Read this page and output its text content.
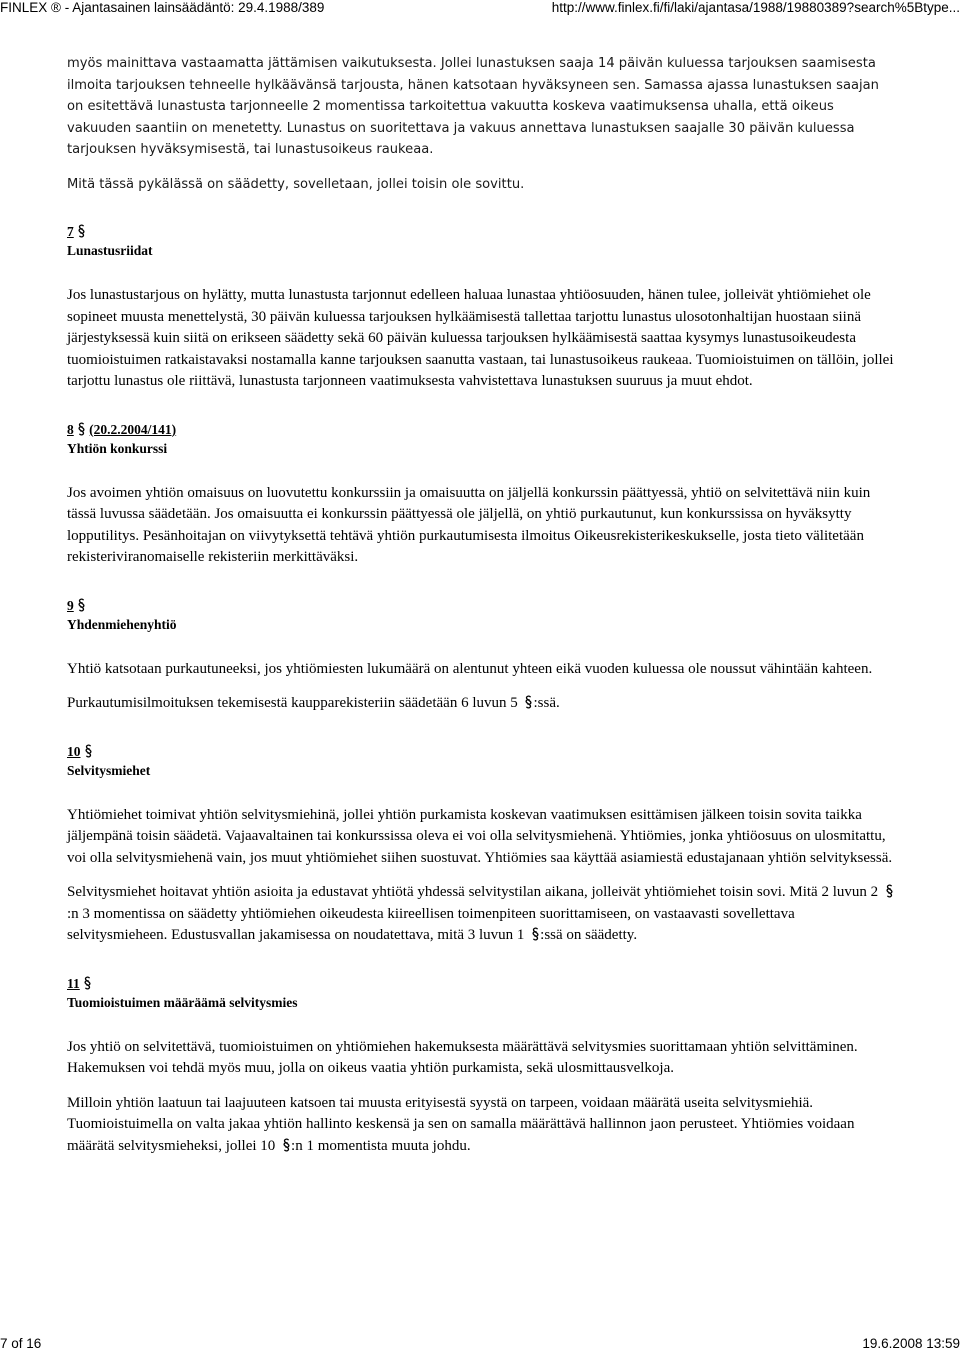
FINLEX ® - Ajantasainen lainsäädäntö: 29.4.1988/389	http://www.finlex.fi/fi/laki/ajantasa/1988/19880389?search%5Btype...

myös mainittava vastaamatta jättämisen vaikutuksesta. Jollei lunastuksen saaja 14 päivän kuluessa tarjouksen saamisesta ilmoita tarjouksen tehneelle hylkäävänsä tarjousta, hänen katsotaan hyväksyneen sen. Samassa ajassa lunastuksen saajan on esitettävä lunastusta tarjonneelle 2 momentissa tarkoitettua vakuutta koskeva vaatimuksensa uhalla, että oikeus vakuuden saantiin on menetetty. Lunastus on suoritettava ja vakuus annettava lunastuksen saajalle 30 päivän kuluessa tarjouksen hyväksymisestä, tai lunastusoikeus raukeaa.

Mitä tässä pykälässä on säädetty, sovelletaan, jollei toisin ole sovittu.

7

Lunastusriidat

Jos lunastustarjous on hylätty, mutta lunastusta tarjonnut edelleen haluaa lunastaa yhtiöosuuden, hänen tulee, jolleivät yhtiömiehet ole sopineet muusta menettelystä, 30 päivän kuluessa tarjouksen hylkäämisestä tallettaa tarjottu lunastus ulosotonhaltijan huostaan siinä järjestyksessä kuin siitä on erikseen säädetty sekä 60 päivän kuluessa tarjouksen hylkäämisestä saattaa kysymys lunastusoikeudesta tuomioistuimen ratkaistavaksi nostamalla kanne tarjouksen saanutta vastaan, tai lunastusoikeus raukeaa. Tuomioistuimen on tällöin, jollei tarjottu lunastus ole riittävä, lunastusta tarjonneen vaatimuksesta vahvistettava lunastuksen suuruus ja muut ehdot.

8 (20.2.2004/141)

Yhtiön konkurssi

Jos avoimen yhtiön omaisuus on luovutettu konkurssiin ja omaisuutta on jäljellä konkurssin päättyessä, yhtiö on selvitettävä niin kuin tässä luvussa säädetään. Jos omaisuutta ei konkurssin päättyessä ole jäljellä, on yhtiö purkautunut, kun konkurssissa on hyväksytty lopputilitys. Pesänhoitajan on viivytyksettä tehtävä yhtiön purkautumisesta ilmoitus Oikeusrekisterikeskukselle, josta tieto välitetään rekisteriviranomaiselle rekisteriin merkittäväksi.

9

Yhdenmiehenyhtiö

Yhtiö katsotaan purkautuneeksi, jos yhtiömiesten lukumäärä on alentunut yhteen eikä vuoden kuluessa ole noussut vähintään kahteen.

Purkautumisilmoituksen tekemisestä kaupparekisteriin säädetään 6 luvun 5 :ssä.

10

Selvitysmiehet

Yhtiömiehet toimivat yhtiön selvitysmiehinä, jollei yhtiön purkamista koskevan vaatimuksen esittämisen jälkeen toisin sovita taikka jäljempänä toisin säädetä. Vajaavaltainen tai konkurssissa oleva ei voi olla selvitysmiehenä. Yhtiömies, jonka yhtiöosuus on ulosmitattu, voi olla selvitysmiehenä vain, jos muut yhtiömiehet siihen suostuvat. Yhtiömies saa käyttää asiamiestä edustajanaan yhtiön selvityksessä.

Selvitysmiehet hoitavat yhtiön asioita ja edustavat yhtiötä yhdessä selvitystilan aikana, jolleivät yhtiömiehet toisin sovi. Mitä 2 luvun 2 :n 3 momentissa on säädetty yhtiömiehen oikeudesta kiireellisen toimenpiteen suorittamiseen, on vastaavasti sovellettava selvitysmieheen. Edustusvallan jakamisessa on noudatettava, mitä 3 luvun 1 :ssä on säädetty.

11

Tuomioistuimen määräämä selvitysmies

Jos yhtiö on selvitettävä, tuomioistuimen on yhtiömiehen hakemuksesta määrättävä selvitysmies suorittamaan yhtiön selvittäminen. Hakemuksen voi tehdä myös muu, jolla on oikeus vaatia yhtiön purkamista, sekä ulosmittausvelkoja.

Milloin yhtiön laatuun tai laajuuteen katsoen tai muusta erityisestä syystä on tarpeen, voidaan määrätä useita selvitysmiehiä. Tuomioistuimella on valta jakaa yhtiön hallinto keskensä ja sen on samalla määrättävä hallinnon jaon perusteet. Yhtiömies voidaan määrätä selvitysmieheksi, jollei 10 :n 1 momentista muuta johdu.

7 of 16	19.6.2008 13:59
